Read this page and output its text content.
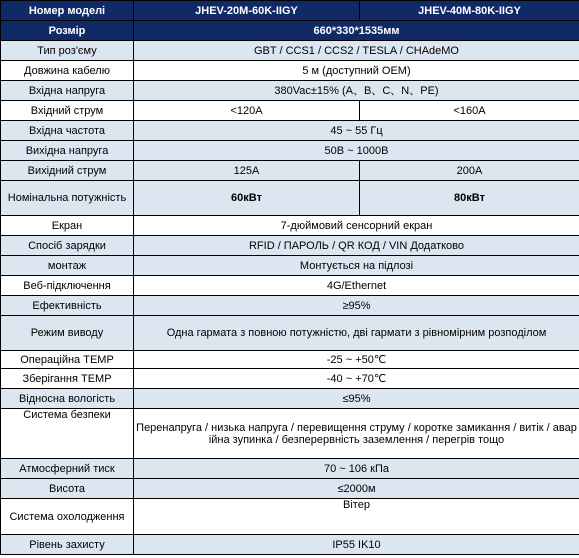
Номер моделі	JHEV-20M-60K-IIGY	JHEV-40M-80K-IIGY
Розмір	660*330*1535мм	
Тип роз'єму	GBT / CCS1 / CCS2 / TESLA / CHAdeMO	
Довжина кабелю	5 м (доступний OEM)	
Вхідна напруга	380Vac±15% (A、B、C、N、PE)	
Вхідний струм	<120A	<160A
Вхідна частота	45 ~ 55 Гц	
Вихідна напруга	50В ~ 1000В	
Вихідний струм	125A	200A
Номінальна потужність	60кВт	80кВт
Екран	7-дюймовий сенсорний екран	
Спосіб зарядки	RFID / ПАРОЛЬ / QR КОД / VIN Додатково	
монтаж	Монтується на підлозі	
Веб-підключення	4G/Ethernet	
Ефективність	≥95%	
Режим виводу	Одна гармата з повною потужністю, дві гармати з рівномірним розподілом	
Операційна TEMP	-25 ~ +50℃	
Зберігання TEMP	-40 ~ +70℃	
Відносна вологість	≤95%	
Система безпеки	Перенапруга / низька напруга / перевищення струму / коротке замикання / витік / аварійна зупинка / безперервність заземлення / перегрів тощо	
Атмосферний тиск	70 ~ 106 кПа	
Висота	≤2000м	
Система охолодження	Вітер	
Рівень захисту	IP55 IK10	
